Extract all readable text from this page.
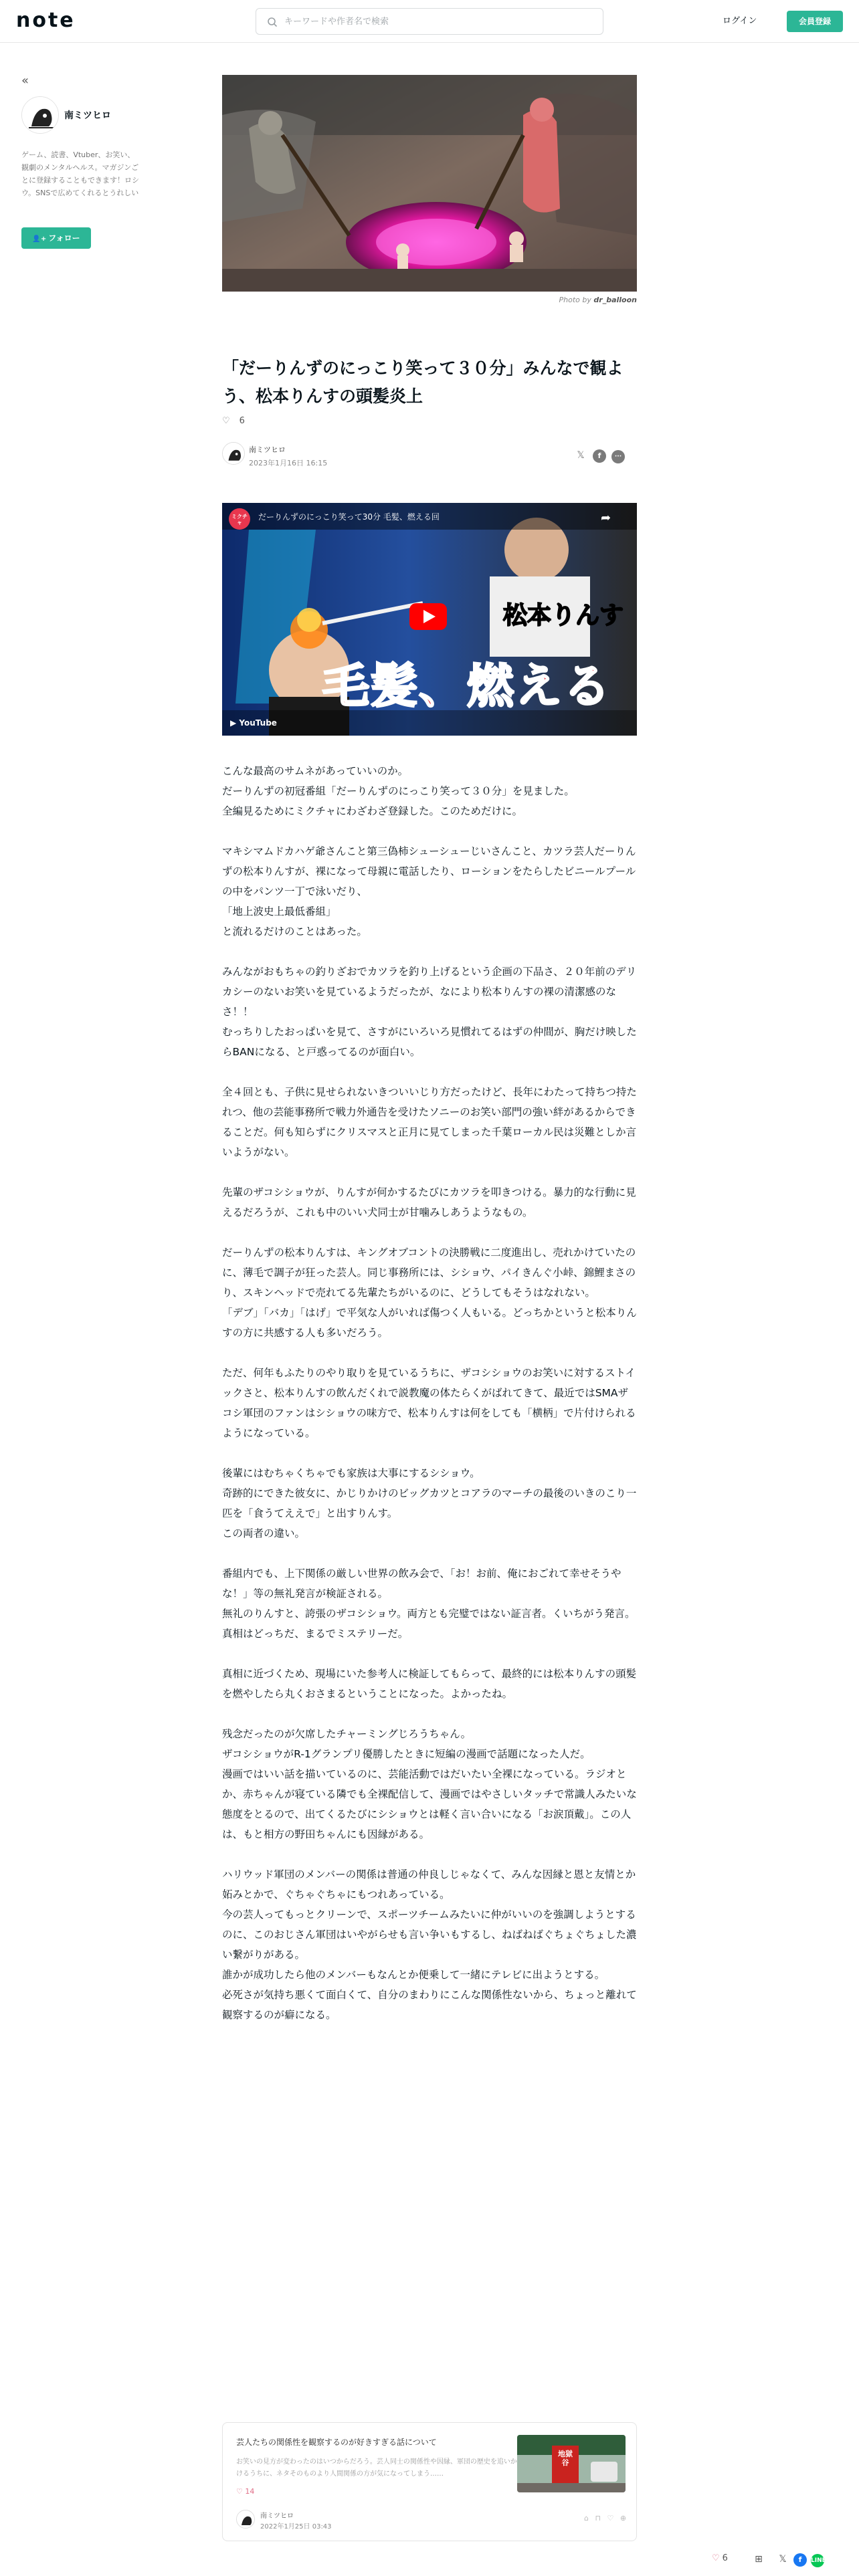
note
キーワードや作者名で検索	ログイン	会員登録
«
南ミツヒロ
ゲーム、読書、Vtuber、お笑い、観劇のメンタルヘルス。マガジンごとに登録することもできます！ロシウ。SNSで広めてくれるとうれしい
👤+ フォロー
Photo by dr_balloon
「だーりんずのにっこり笑って３０分」みんなで観よう、松本りんすの頭髪炎上
♡ 6
南ミツヒロ
2023年1月16日 16:15
𝕏 f ···
だーりんずのにっこり笑って30分 毛髪、燃える回
ミクチャ	➦
松本りんす
毛髪、燃える
▶ YouTube

こんな最高のサムネがあっていいのか。
だーりんずの初冠番組「だーりんずのにっこり笑って３０分」を見ました。
全編見るためにミクチャにわざわざ登録した。このためだけに。

マキシマムドカハゲ爺さんこと第三偽柿シューシューじいさんこと、カツラ芸人だーりんずの松本りんすが、裸になって母親に電話したり、ローションをたらしたビニールプールの中をパンツ一丁で泳いだり、
「地上波史上最低番組」
と流れるだけのことはあった。

みんながおもちゃの釣りざおでカツラを釣り上げるという企画の下品さ、２０年前のデリカシーのないお笑いを見ているようだったが、なにより松本りんすの裸の清潔感のなさ！！
むっちりしたおっぱいを見て、さすがにいろいろ見慣れてるはずの仲間が、胸だけ映したらBANになる、と戸惑ってるのが面白い。

全４回とも、子供に見せられないきついいじり方だったけど、長年にわたって持ちつ持たれつ、他の芸能事務所で戦力外通告を受けたソニーのお笑い部門の強い絆があるからできることだ。何も知らずにクリスマスと正月に見てしまった千葉ローカル民は災難としか言いようがない。

先輩のザコシショウが、りんすが何かするたびにカツラを叩きつける。暴力的な行動に見えるだろうが、これも中のいい犬同士が甘噛みしあうようなもの。

だーりんずの松本りんすは、キングオブコントの決勝戦に二度進出し、売れかけていたのに、薄毛で調子が狂った芸人。同じ事務所には、シショウ、パイきんぐ小峠、錦鯉まさのり、スキンヘッドで売れてる先輩たちがいるのに、どうしてもそうはなれない。
「デブ」「バカ」「はげ」で平気な人がいれば傷つく人もいる。どっちかというと松本りんすの方に共感する人も多いだろう。

ただ、何年もふたりのやり取りを見ているうちに、ザコシショウのお笑いに対するストイックさと、松本りんすの飲んだくれで説教魔の体たらくがばれてきて、最近ではSMAザコシ軍団のファンはシショウの味方で、松本りんすは何をしても「横柄」で片付けられるようになっている。

後輩にはむちゃくちゃでも家族は大事にするシショウ。
奇跡的にできた彼女に、かじりかけのビッグカツとコアラのマーチの最後のいきのこり一匹を「食うてええで」と出すりんす。
この両者の違い。

番組内でも、上下関係の厳しい世界の飲み会で、「お！お前、俺におごれて幸せそうやな！」等の無礼発言が検証される。
無礼のりんすと、誇張のザコシショウ。両方とも完璧ではない証言者。くいちがう発言。真相はどっちだ、まるでミステリーだ。

真相に近づくため、現場にいた参考人に検証してもらって、最終的には松本りんすの頭髪を燃やしたら丸くおさまるということになった。よかったね。

残念だったのが欠席したチャーミングじろうちゃん。
ザコシショウがR-1グランプリ優勝したときに短編の漫画で話題になった人だ。
漫画ではいい話を描いているのに、芸能活動ではだいたい全裸になっている。ラジオとか、赤ちゃんが寝ている隣でも全裸配信して、漫画ではやさしいタッチで常識人みたいな態度をとるので、出てくるたびにシショウとは軽く言い合いになる「お涙頂戴」。この人は、もと相方の野田ちゃんにも因縁がある。

ハリウッド軍団のメンバーの関係は普通の仲良しじゃなくて、みんな因縁と恩と友情とか妬みとかで、ぐちゃぐちゃにもつれあっている。
今の芸人ってもっとクリーンで、スポーツチームみたいに仲がいいのを強調しようとするのに、このおじさん軍団はいやがらせも言い争いもするし、ねばねばぐちょぐちょした濃い繋がりがある。
誰かが成功したら他のメンバーもなんとか便乗して一緒にテレビに出ようとする。
必死さが気持ち悪くて面白くて、自分のまわりにこんな関係性ないから、ちょっと離れて観察するのが癖になる。

芸人たちの関係性を観察するのが好きすぎる話について
お笑いの見方が変わったのはいつからだろう。芸人同士の関係性や因縁、軍団の歴史を追いかけるうちに、ネタそのものより人間関係の方が気になってしまう……
♡ 14
地獄谷
南ミツヒロ
2022年1月25日 03:43
⌂ ⊓ ♡ ⊕
♡ 6	⊞ 𝕏 f LINE
